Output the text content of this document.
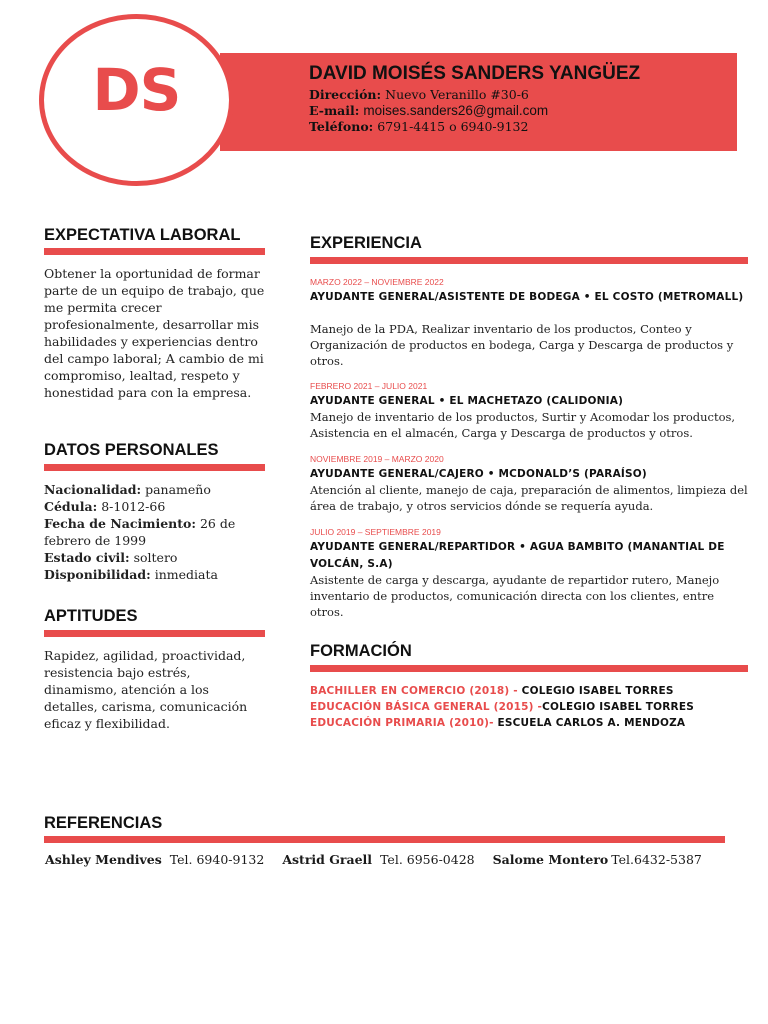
DS	DAVID MOISÉS SANDERS YANGÜEZ
Dirección: Nuevo Veranillo #30-6
E-mail: moises.sanders26@gmail.com
Teléfono: 6791-4415 o 6940-9132
EXPECTATIVA LABORAL
Obtener la oportunidad de formar parte de un equipo de trabajo, que me permita crecer profesionalmente, desarrollar mis habilidades y experiencias dentro del campo laboral; A cambio de mi compromiso, lealtad, respeto y honestidad para con la empresa.
DATOS PERSONALES
Nacionalidad: panameño
Cédula: 8-1012-66
Fecha de Nacimiento: 26 de febrero de 1999
Estado civil: soltero
Disponibilidad: inmediata
APTITUDES
Rapidez, agilidad, proactividad, resistencia bajo estrés, dinamismo, atención a los detalles, carisma, comunicación eficaz y flexibilidad.
EXPERIENCIA
MARZO 2022 – NOVIEMBRE 2022
AYUDANTE GENERAL/ASISTENTE DE BODEGA • EL COSTO (METROMALL)
Manejo de la PDA, Realizar inventario de los productos, Conteo y Organización de productos en bodega, Carga y Descarga de productos y otros.
FEBRERO 2021 – JULIO 2021
AYUDANTE GENERAL • EL MACHETAZO (CALIDONIA)
Manejo de inventario de los productos, Surtir y Acomodar los productos, Asistencia en el almacén, Carga y Descarga de productos y otros.
NOVIEMBRE 2019 – MARZO 2020
AYUDANTE GENERAL/CAJERO • MCDONALD’S (PARAÍSO)
Atención al cliente, manejo de caja, preparación de alimentos, limpieza del área de trabajo, y otros servicios dónde se requería ayuda.
JULIO 2019 – SEPTIEMBRE 2019
AYUDANTE GENERAL/REPARTIDOR • AGUA BAMBITO (MANANTIAL DE VOLCÁN, S.A)
Asistente de carga y descarga, ayudante de repartidor rutero, Manejo inventario de productos, comunicación directa con los clientes, entre otros.
FORMACIÓN
BACHILLER EN COMERCIO (2018) - COLEGIO ISABEL TORRES
EDUCACIÓN BÁSICA GENERAL (2015) -COLEGIO ISABEL TORRES
EDUCACIÓN PRIMARIA (2010)- ESCUELA CARLOS A. MENDOZA
REFERENCIAS
Ashley Mendives Tel. 6940-9132 Astrid Graell Tel. 6956-0428 Salome Montero Tel.6432-5387
